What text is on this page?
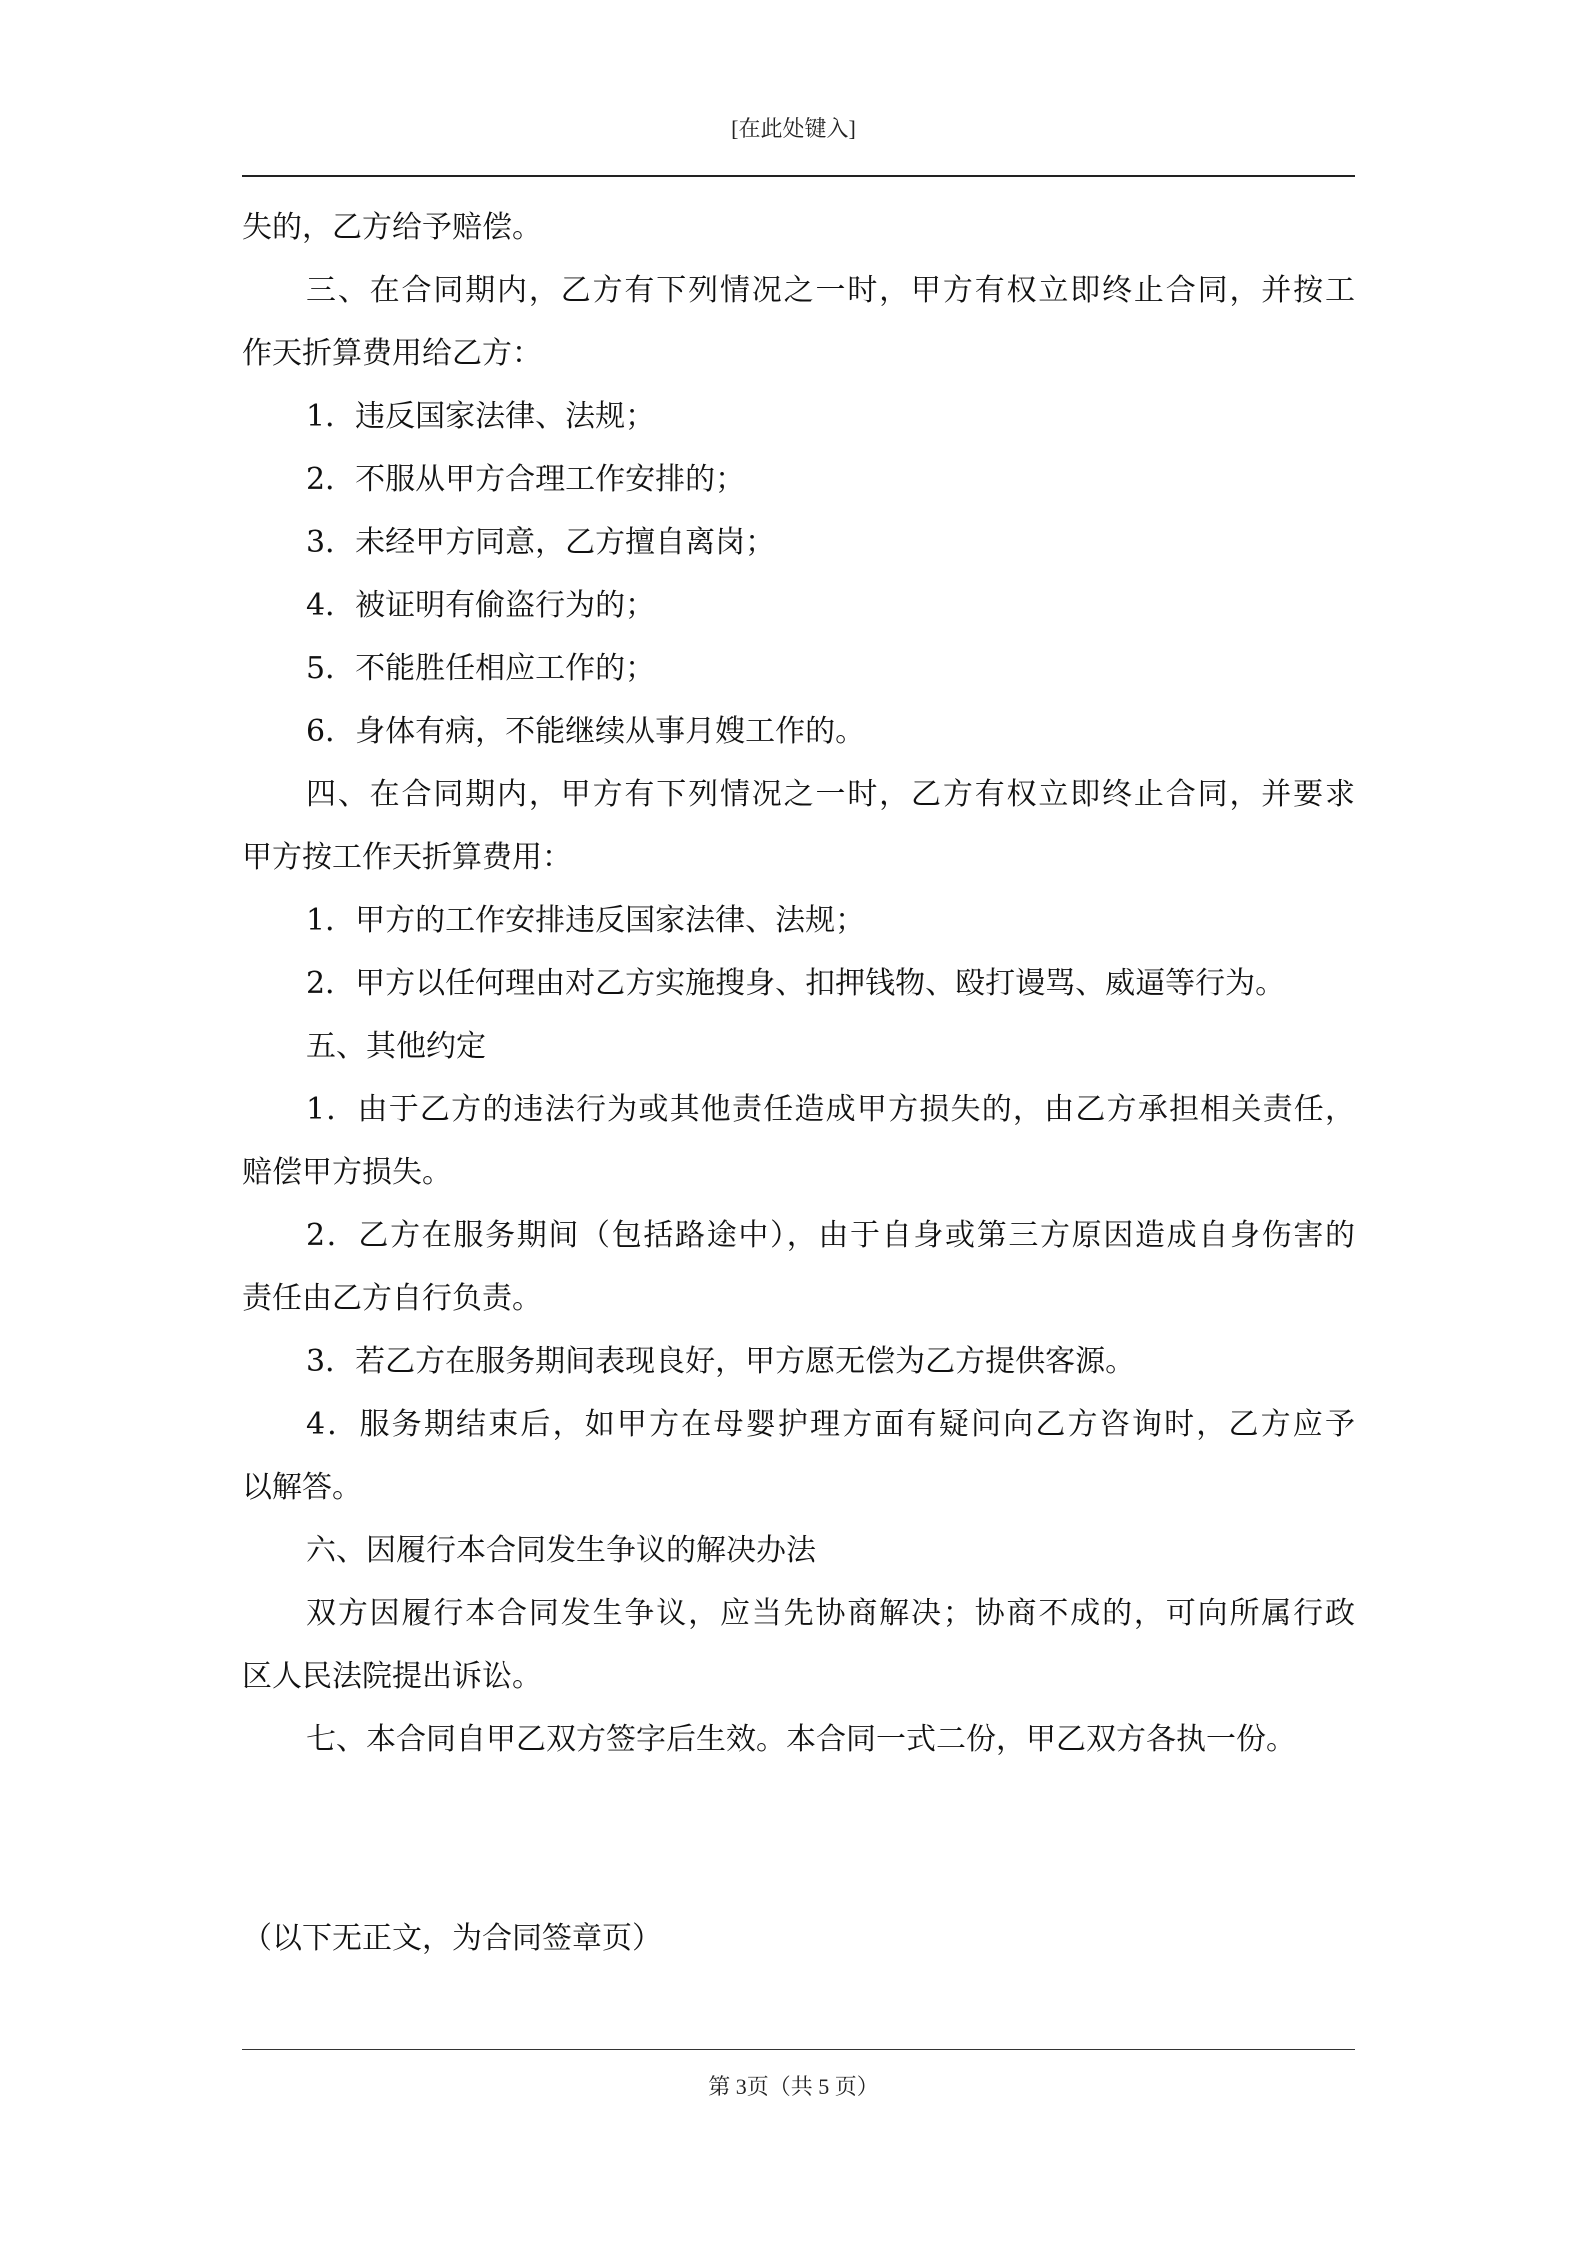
[在此处键入]
失的，乙方给予赔偿。
三、在合同期内，乙方有下列情况之一时，甲方有权立即终止合同，并按工
作天折算费用给乙方：
1．违反国家法律、法规；
2．不服从甲方合理工作安排的；
3．未经甲方同意，乙方擅自离岗；
4．被证明有偷盗行为的；
5．不能胜任相应工作的；
6．身体有病，不能继续从事月嫂工作的。
四、在合同期内，甲方有下列情况之一时，乙方有权立即终止合同，并要求
甲方按工作天折算费用：
1．甲方的工作安排违反国家法律、法规；
2．甲方以任何理由对乙方实施搜身、扣押钱物、殴打谩骂、威逼等行为。
五、其他约定
1．由于乙方的违法行为或其他责任造成甲方损失的，由乙方承担相关责任，
赔偿甲方损失。
2．乙方在服务期间（包括路途中），由于自身或第三方原因造成自身伤害的
责任由乙方自行负责。
3．若乙方在服务期间表现良好，甲方愿无偿为乙方提供客源。
4．服务期结束后，如甲方在母婴护理方面有疑问向乙方咨询时，乙方应予
以解答。
六、因履行本合同发生争议的解决办法
双方因履行本合同发生争议，应当先协商解决；协商不成的，可向所属行政
区人民法院提出诉讼。
七、本合同自甲乙双方签字后生效。本合同一式二份，甲乙双方各执一份。
（以下无正文，为合同签章页）
第 3页（共 5 页）
